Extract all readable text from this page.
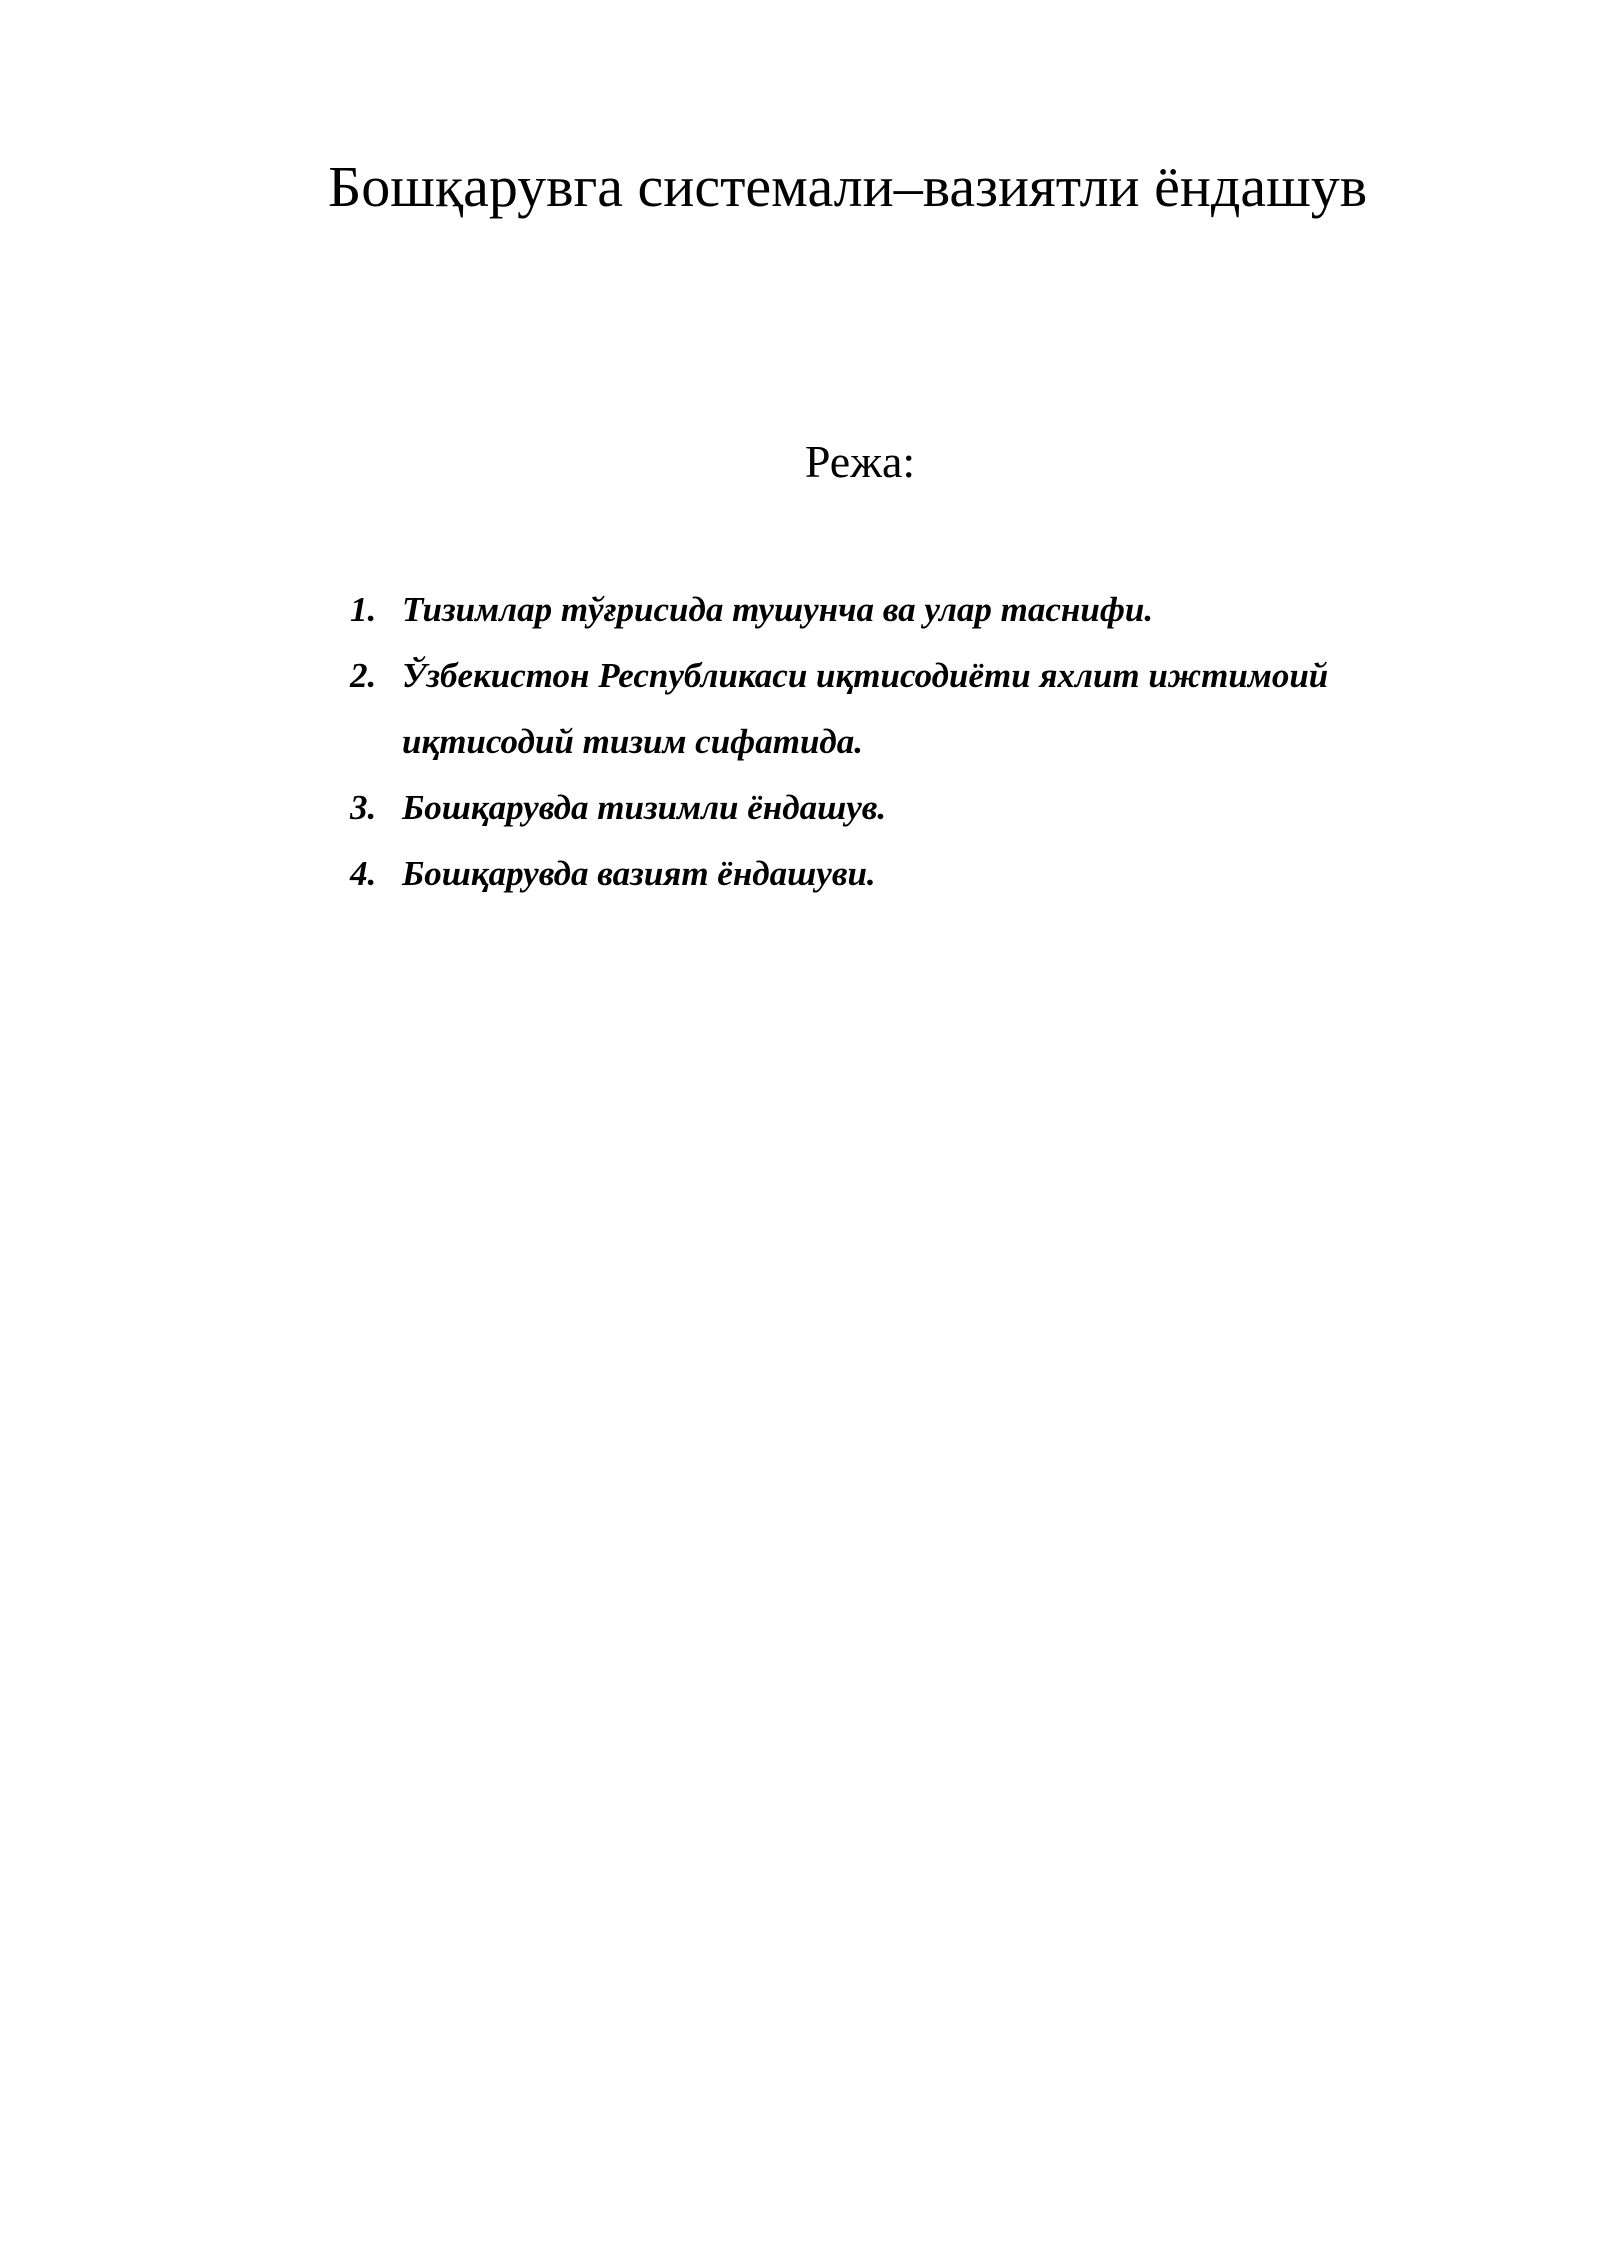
Бошқарувга системали–вазиятли ёндашув
Режа:
1. Тизимлар тўғрисида тушунча ва улар таснифи.
2. Ўзбекистон Республикаси иқтисодиёти яхлит ижтимоий иқтисодий тизим сифатида.
3. Бошқарувда тизимли ёндашув.
4. Бошқарувда вазият ёндашуви.
